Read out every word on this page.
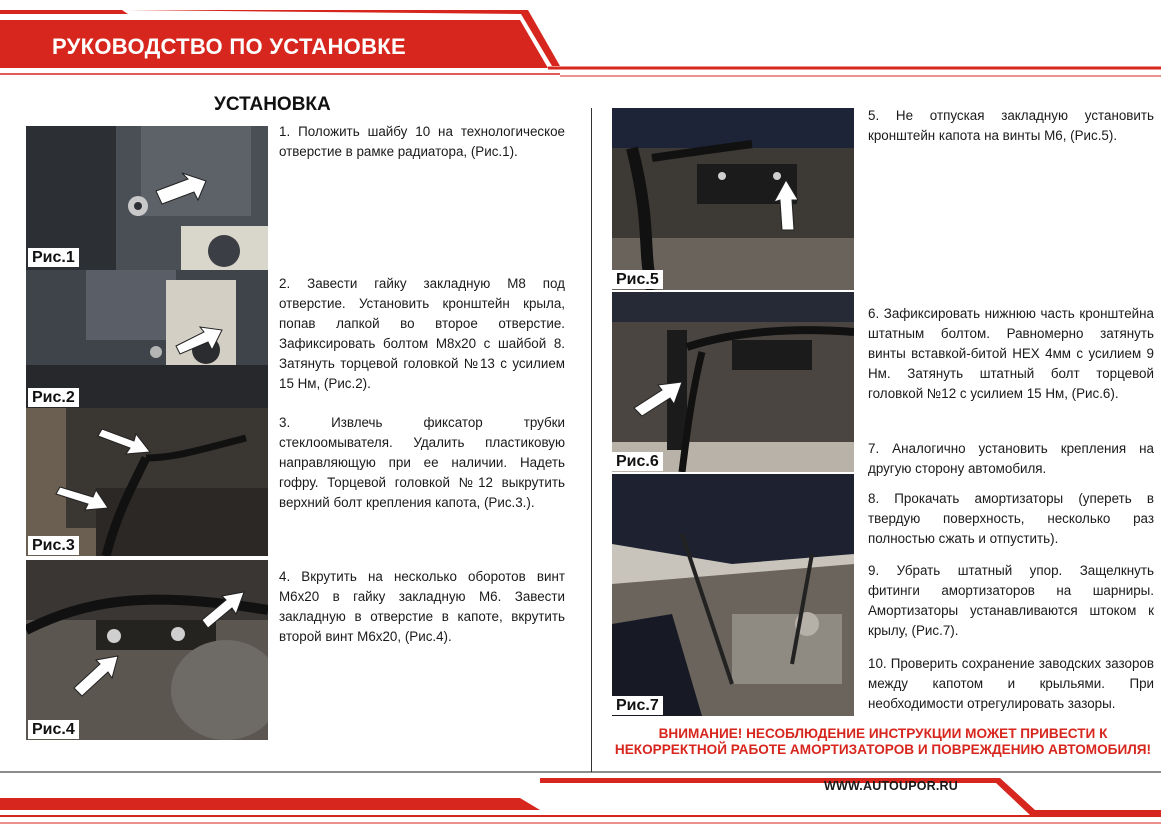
РУКОВОДСТВО ПО УСТАНОВКЕ
УСТАНОВКА
Рис.1
Рис.2
Рис.3
Рис.4
Рис.5
Рис.6
Рис.7
1. Положить шайбу 10 на технологическое отверстие в рамке радиатора, (Рис.1).
2. Завести гайку закладную М8 под отверстие. Установить кронштейн крыла, попав лапкой во второе отверстие. Зафиксировать болтом М8х20 с шайбой 8. Затянуть торцевой головкой №13 с усилием 15 Нм, (Рис.2).
3. Извлечь фиксатор трубки стеклоомывателя. Удалить пластиковую направляющую при ее наличии. Надеть гофру. Торцевой головкой №12 выкрутить верхний болт крепления капота, (Рис.3.).
4. Вкрутить на несколько оборотов винт М6х20 в гайку закладную М6. Завести закладную в отверстие в капоте, вкрутить второй винт М6х20, (Рис.4).
5. Не отпуская закладную установить кронштейн капота на винты М6, (Рис.5).
6. Зафиксировать нижнюю часть кронштейна штатным болтом. Равномерно затянуть винты вставкой-битой HEX 4мм с усилием 9 Нм. Затянуть штатный болт торцевой головкой №12 с усилием 15 Нм, (Рис.6).
7. Аналогично установить крепления на другую сторону автомобиля.
8. Прокачать амортизаторы (упереть в твердую поверхность, несколько раз полностью сжать и отпустить).
9. Убрать штатный упор. Защелкнуть фитинги амортизаторов на шарниры. Амортизаторы устанавливаются штоком к крылу, (Рис.7).
10. Проверить сохранение заводских зазоров между капотом и крыльями. При необходимости отрегулировать зазоры.
ВНИМАНИЕ! НЕСОБЛЮДЕНИЕ ИНСТРУКЦИИ МОЖЕТ ПРИВЕСТИ К НЕКОРРЕКТНОЙ РАБОТЕ АМОРТИЗАТОРОВ И ПОВРЕЖДЕНИЮ АВТОМОБИЛЯ!
WWW.AUTOUPOR.RU
